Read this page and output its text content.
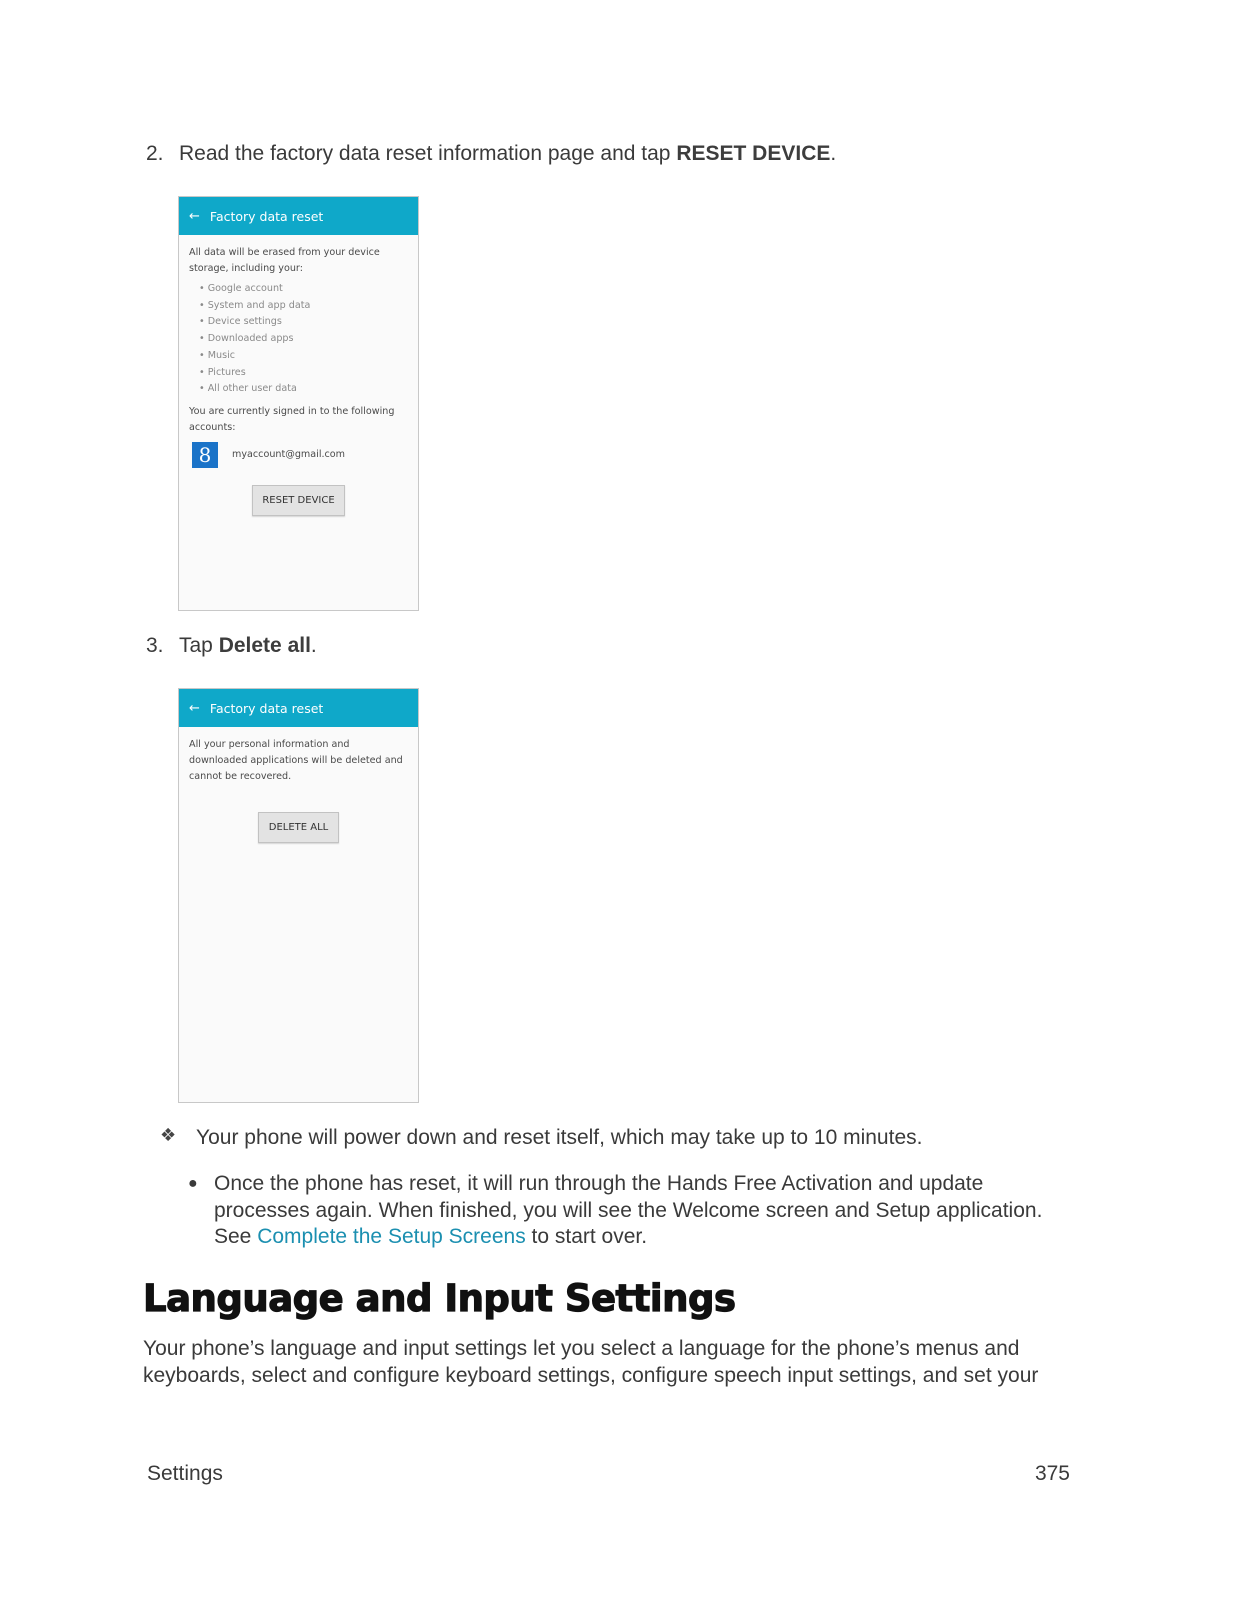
2. Read the factory data reset information page and tap RESET DEVICE.
← Factory data reset
All data will be erased from your device storage, including your:
• Google account
• System and app data
• Device settings
• Downloaded apps
• Music
• Pictures
• All other user data
You are currently signed in to the following accounts:
8	myaccount@gmail.com
RESET DEVICE
3. Tap Delete all.
← Factory data reset
All your personal information and downloaded applications will be deleted and cannot be recovered.
DELETE ALL
❖ Your phone will power down and reset itself, which may take up to 10 minutes.
● Once the phone has reset, it will run through the Hands Free Activation and update processes again. When finished, you will see the Welcome screen and Setup application. See Complete the Setup Screens to start over.
Language and Input Settings
Your phone’s language and input settings let you select a language for the phone’s menus and keyboards, select and configure keyboard settings, configure speech input settings, and set your
Settings	375
